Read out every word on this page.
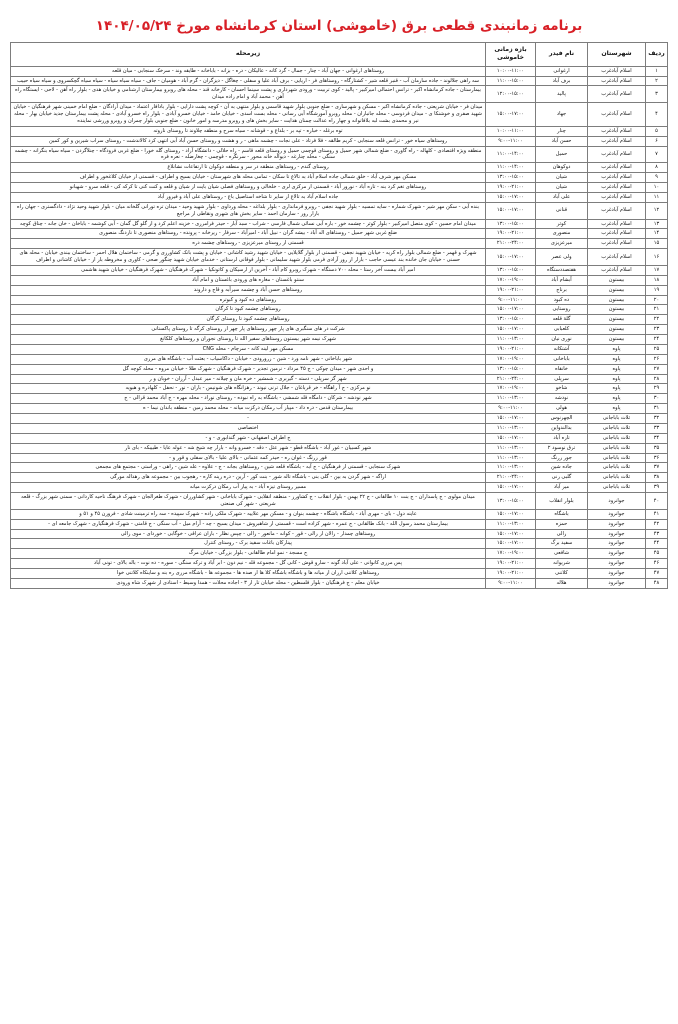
برنامه زمانبندی قطعی برق (خاموشی) استان کرمانشاه مورخ ۱۴۰۴/۰۵/۲۴
ردیف	شهرستان	نام فیدر	بازه زمانی خاموشی	زیرمحله
۱	اسلام آبادغرب	ارغوانی	۱۰:۰۰-۱۱:۰۰	روستاهای ارغوانی - جهان آباد - چنار - جمال - گرد کانه - عالیکان - دره - بزانه - باباخانه - طایقه وند - سرخک سنجابی - میان قلعه
۲	اسلام آبادغرب	برف آباد	۱۱:۰۰-۱۵:۰۰	سه راهی جلالوند - جاده سازمان آب - قنبر قلعه شیر - کشتارگاه - روستاهای فر - اریایی - برف آباد علیا و سفلی - چغاگل - دیزگران - گرم آباد - هومیان - جاف - سیاه سیاه سیاه - سیاه سیاه گچکسروی و سیاه سیاه حبیب
۳	اسلام آبادغرب	پالید	۱۲:۰۰-۱۵:۰۰	بیمارستان - جاده کرمانشاه اکبر - ترانس احتمالی امیرکبیر - پالید - کوی تربیت - ورودی شهرداری و پشت سینما احسان - کارخانه قند - محله های روبرو بیمارستان ارشنامی و خیابان هدی - بلوار راه آهن - لاحی - ایستگاه راه آهن - محمد آباد و امام زاده میدان
۴	اسلام آبادغرب	جهاد	۱۵:۰۰-۱۷:۰۰	میدان فر - خیابان شریعتی - جاده کرمانشاه اکبر - مسکن و شهرسازی - ضلع جنوبی بلوار شهید قاسمی و بلوار منتهی به آن - کوچه پشت دارایی - بلوار بادافار اعتماد - میدان آزادگان - ضلع امام خمینی شهر فرهنگیان - خیابان شهید صفری و خوشنکا ی - میدان فردوسی - محله جانبازان - محله روبرو آموزشگاه آبی رسانی - محله بست اسدی - خیابان حامد - خیابان خسرو آبادی - بلوار راه خسرو آبادی - محله پشت بیمارستان جدید خیابان بهار - محله نیر و محمدی بشت لبه بلافاتوانه و چهار راه عدالت چمنان هدایت - سایر بخش های و روبرو مدرسه و امور خانون - ضلع جنوبی بلوار چمران و روبرو ورزشی نماینده
۵	اسلام آبادغرب	چنار	۱۰:۰۰-۱۱:۰۰	توه برغله - خبازه - تپه بر - بلداغ و - قوشانه - سیاه سرح و منطقه چلاوند تا روستای نازوته
۶	اسلام آبادغرب	حسن آباد	۹:۰۰-۱۱:۰۰	روستاهای سیاه خور - ترانس قلعه سنجابی - کریم طالقه - فلا فرتاد - علی نجات - چشمه ماهی - ر و هشت و روستای حسن آباد آبی انتهی کرد کالاندشت - روستای سراب شیرین و کور کمین
۷	اسلام آبادغرب	حمیل	۱۱:۰۰-۱۴:۰۰	منطقه ویژه اقتصادی - کلهاله - راه گاوری - ضلع شمالی شهر حمیل و روستای قوچمی حمیل و روستای قلعه قاسم - راه حلالی - دانشگاه آزاد - روستای گله خورا - ضلع غربی فرودگاه - چنلاگردن - سیاه سیاه بنگرانه - چشمه سنگی - محله چنارغه - دیواله خانه محور - سرنگره - قوچمی - چغارضله - نعره فره
۸	اسلام آبادغرب	دوکوهان	۱۱:۰۰-۱۴:۰۰	روستای گندم - روستاهای منطقه در سر و منطقه دوکوان تا ارتفاعات نشانلاغ
۹	اسلام آبادغرب	شیان	۱۳:۰۰-۱۵:۰۰	مسکن مهر شرف آباد - خلق شمالی جاده اسلام آباد به تالاغ تا سکان - تمامی محله های شهرستان - خیابان بسیج و اطراف - قسمتی از خیابان کلاغخور و اطراف
۱۰	اسلام آبادغرب	شیان	۱۹:۰۰-۲۱:۰۰	روستاهای تغم کرد بنه - تازه آباد - نوروز آباد - قسمتی از مرکزی لری - خلخالی و روستاهای فصلی شیان بایت از شیان و قلعه و کنت کنی تا کرکه کی - قلعه سرو - شهبانو
۱۱	اسلام آبادغرب	علی آباد	۱۵:۰۰-۱۷:۰۰	جاده اسلام آباد به تالاغ از سایر تا شاخه استاصیل باغ - روستاهای علی آباد و فیروز آباد
۱۲	اسلام آبادغرب	قنانی	۱۵:۰۰-۱۷:۰۰	بنده آبی - سکن مهر شیر - شهرک شماره - سایه تمسیه - بلوار شهید نجفی - روبرو فرمانداری - بلوار بلداغه - محله ورداوی - بلوار شهید وحید - میدان تره تورانی گلخانه میان - بلوار شهید وحید نژاد - دادگستری - جهان راه بازار روز - سازمان احمد - سایر بخش های شهری ونقاطی از مراجع
۱۳	اسلام آبادغرب	کوثر	۱۳:۰۰-۱۵:۰۰	میدان امام حسین - کوی متصل امیرکبیر - بلوار کوثر - چشمه خور - بازه آبی نسائی شمال فارسی - شراب - سبد آباز - حیدر فرامرزی - خزینه اعلم کرد و از گلو گل گمان - آبی کوشمه - باباخان - خان جانه - چناق کوچه
۱۴	اسلام آبادغرب	منصوری	۱۹:۰۰-۲۱:۰۰	ضلع غربی شهر حمیل - روستاهای اله آباد - بیشه گران - نبیل آباد - امیرآباد - سرفار - زیرخانه - پرونده - روستاهای منصوری تا نازدنگ منصوری
۱۵	اسلام آبادغرب	میرعزیزی	۲۱:۰۰-۲۴:۰۰	قسمتی از روستای میرعزیزی - روستاهای چشمه دره
۱۶	اسلام آبادغرب	ولی عصر	۱۵:۰۰-۱۷:۰۰	شهرک و قهمر - ضلع شمالی بلوار راه کریه - خیابان شهید نجفی - قسمتی از بلوار گلایلایی - خیابان شهید رشید کاشانی - خیابان و پشت بانک کشاورزی و گرمی - ساختمان هلال احمر - ساختمان ببندی خیابان - محله های حسنی - خیابان جان خانده بند عیسی حاجب - بازار از روز آزادی فرمی بلوار شهید سلیمانی - بلوار فوقانی لرستانی - خدمای خیابان شهید چنگور صحی - کاوری و مخروطه باز از - خیابان کاشانی و اطراف
۱۷	اسلام آبادغرب	هفتصددستگاه	۱۳:۰۰-۱۵:۰۰	امیر آباد ببست آخر رستا - محله ۷۰۰ دستگاه - شهرک روبرو کام آباد - آخرین از ارسیکان و کاتونکیا - شهرک فرهنگیان - شهرک فرهنگیان - خیابان شهید هاشمی
۱۸	بیستون	آبشام آباد	۱۷:۰۰-۱۹:۰۰	سنتو باغستان - مغازه های ورودی باغستان و امام آباد
۱۹	بیستون	برناج	۱۹:۰۰-۲۱:۰۰	روستاهای حسن آباد و چشمه سیرآبه و قاج و داروند
۲۰	بیستون	ده کبود	۹:۰۰-۱۱:۰۰	روستاهای ده کبود و کبوتره
۲۱	بیستون	روستایی	۱۵:۰۰-۱۷:۰۰	روستاهای چشمه کبود تا کرگان
۲۲	بیستون	گلۀ قلعه	۱۳:۰۰-۱۵:۰۰	روستاهای چشمه کبود تا روستای کرگان
۲۳	بیستون	کلعبابی	۱۵:۰۰-۱۷:۰۰	شرکت در های سنگبری های پار چهر روستاهای پار چهر از روستای کرگه تا روستای پاکستانی
۲۴	بیستون	نوری نیان	۱۱:۰۰-۱۳:۰۰	شهرک نیمه شهر بیستون روستاهای سفیر الله تا روستای نجوران و روستاهای کلکانغ
۲۵	پاوه	آشتکانه	۱۹:۰۰-۲۱:۰۰	مسکن مهر لینه کانه - سرچام - محله CNG
۲۶	پاوه	باباخانی	۱۷:۰۰-۱۹:۰۰	شهر باباخانی - شهر نامه ورد - شین - زرورودی - خیابان - داکاسیاب - بعثت آب - باشگاه های مرزی
۲۷	پاوه	خانقاه	۱۳:۰۰-۱۵:۰۰	و احدی شهر - میدان چوکی - ج ۴۵ مرداد - نرمین تجدیر - شهرک فرهنگیان - شهرک طلا - خیابان مروه - محله کوچه گل
۲۸	پاوه	سرپلی	۲۱:۰۰-۲۴:۰۰	شهر گز سرپلی - دسته - گیربری - شمشیر - خره مان و چیلانه - میر عبدل - آرزان - خوبان و ر
۲۹	پاوه	شاخو	۱۷:۰۰-۱۹:۰۰	نو مرکزی - ج آ راهگاه - خر قرباغان - جلال ترنی نیوند - رهزانگاه های شونیس - باران - نور - نحفل - کلهادره و هبویه
۳۰	پاوه	نودشه	۱۱:۰۰-۱۳:۰۰	شهر نودشه - شرکان - دامگاه قله شمشی - باشگاه به راه نبوده - روستای نوراد - محله مهره - ج آباد محمد قرالی - ج
۳۱	پاوه	هولی	۹:۰۰-۱۱:۰۰	بیمارستان قدس - دره داد - مپیاز آب رمکان درکزت میانه - محله محمد زمین - منطقه باندان نیما - ه
۳۲	ثلاث باباجانی	الچهرنوس	۱۵:۰۰-۱۷:۰۰	-
۳۳	ثلاث باباجانی	بدالندواین	۱۱:۰۰-۱۳:۰۰	اختصاصی
۳۴	ثلاث باباجانی	تازه آباد	۱۵:۰۰-۱۷:۰۰	ج اطراف اصفهانی - شهر گندابوری - و -
۳۵	ثلاث باباجانی	ترق نوسود ۲	۱۱:۰۰-۱۳:۰۰	شهر کسبیان - غور آباد - باشگاه قطو - شهر عثل - دقه - خسرو وانه - بازار چه شیخ شه - عوله عایا - طبیبکه - بای نار
۳۶	ثلاث باباجانی	جور زرنگ	۱۱:۰۰-۱۳:۰۰	قور زرنگ - غوان ره - حیدر کمه عثمانی - بالای علیا - بالای سفلی و قور و -
۳۷	ثلاث باباجانی	جاده شین	۱۱:۰۰-۱۳:۰۰	شهرک سنجابی - قسمتی از فرهنگیان - ج آبه - باشگاه قلعه شین - روستاهای بجانه - ج - علاوه - عله شین - راهی - وراستی - مجتمع های مجمعی
۳۸	ثلاث باباجانی	گلبی زنی	۲۱:۰۰-۲۴:۰۰	ازاگه - شهر گردن به بین - گلی بنی - باشگاه تاله شور - بنت کور - آرین - دره زینه کاره - رهجوب بین - مجموعه های رهداله مورگی
۳۹	ثلاث باباجانی	میر آباد	۱۵:۰۰-۱۷:۰۰	مسیر روستای تیزه آباد - به پیاز آب رمکان درکزت میانه
۴۰	جوانرود	بلوار انقلاب	۱۳:۰۰-۱۵:۰۰	میدان مولوی - ج پاسداران - ج بنت ۱۰ طالقانی - ج ۲۲ بهمن - بلوار انقلاب - ج کشاورز - منطقه انقلابی - شهرک باباخانی - شهر کشاورزان - شهرک طغرالجان - شهرک فرهنگ ناحیه کاردانی - سمتی شهر بزرگ - قلعه شریعتی - شهر کی صنعتی
۴۱	جوانرود	باشگاه	۱۵:۰۰-۱۷:۰۰	عاینه دول - بای - مهری آباد - باشگاه باشگاه - چشمه بنوان و - مسکن مهر علاییه - شهرک ملکی زاده - شهرک سپیده - سه راه ترمینت شادی - فروزن ۴۵ و ۵۱ و
۴۲	جوانرود	حمزه	۱۱:۰۰-۱۳:۰۰	بیمارستان محمد رسول الله - بانک طالقانی - ج عمره - شهر کزاده است - قسمتی از شاهبروش - میدان بسیج - چه - آرام میل - آب سنگی - ج قامتی - شهرک فرهنگیاری - شهرک جامعه ای -
۴۳	جوانرود	زالی	۱۵:۰۰-۱۷:۰۰	روستاهای چمدار - زالان از زالی - قور - کوانه - مانعور - زالی - چپس نظار - بازان عراقی - خوگابی - خوردای - موی زالی
۴۴	جوانرود	سفید برگ	۱۵:۰۰-۱۷:۰۰	پینارکان باغات سفید برک - روستای کنترل
۴۵	جوانرود	شافعی	۱۷:۰۰-۱۹:۰۰	ج مسجد - نمو امام طالقانی - بلوار بزرگی - خیابان مرگ
۴۶	جوانرود	شریوانه	۱۹:۰۰-۲۱:۰۰	پس مرزی کانوانی - علی آباد گونه - سارو قوش - کانی گل - مجموعه قله - نیم دون - ابر آباد و ترکه سنگی - سوره - ده نوت - باله بالای - تونی آباد
۴۷	جوانرود	کلاتنی	۱۹:۰۰-۲۱:۰۰	روستاهای کلاتنی ارزان از میانه ها و باشگاه باشگاه کلا ها از صده ها - مجموعه ها - باشگاه مرزی ره بنه و ساینکاه کلاتنی خوا
۴۸	جوانرود	هلاله	۹:۰۰-۱۱:۰۰	خیابان معلم - ج فرهنگیان - بلوار فلسطین - محله خیابان تار از ۳ - اجاده محلات - همدا وسیط - استادی از شهرک شاه ورودی
